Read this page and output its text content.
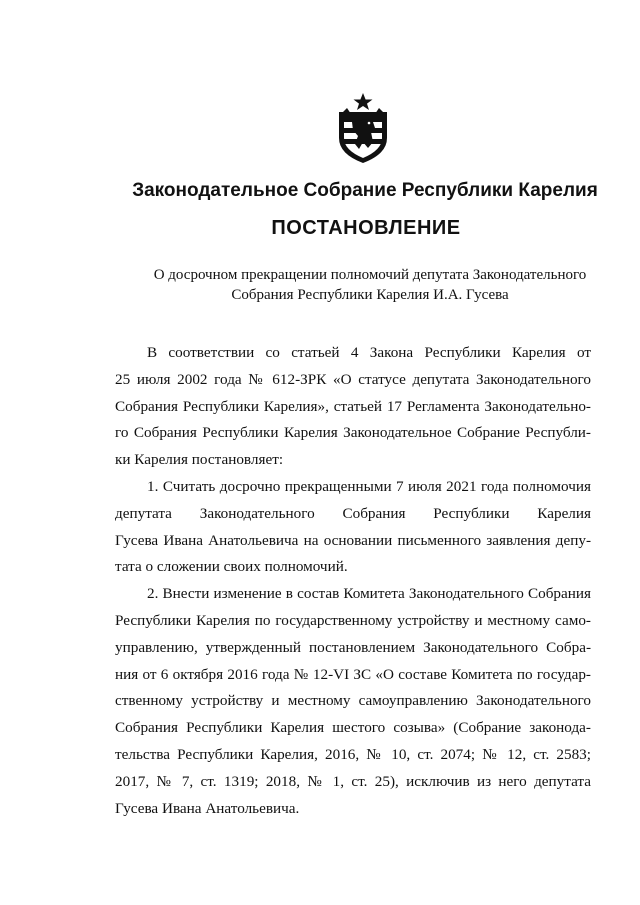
Законодательное Собрание Республики Карелия
ПОСТАНОВЛЕНИЕ
О досрочном прекращении полномочий депутата Законодательного
Собрания Республики Карелия И.А. Гусева
В соответствии со статьей 4 Закона Республики Карелия от
25 июля 2002 года № 612-ЗРК «О статусе депутата Законодательного
Собрания Республики Карелия», статьей 17 Регламента Законодательно-
го Собрания Республики Карелия Законодательное Собрание Республи-
ки Карелия постановляет:
1. Считать досрочно прекращенными 7 июля 2021 года полномочия
депутата Законодательного Собрания Республики Карелия
Гусева Ивана Анатольевича на основании письменного заявления депу-
тата о сложении своих полномочий.
2. Внести изменение в состав Комитета Законодательного Собрания
Республики Карелия по государственному устройству и местному само-
управлению, утвержденный постановлением Законодательного Собра-
ния от 6 октября 2016 года № 12-VI ЗС «О составе Комитета по государ-
ственному устройству и местному самоуправлению Законодательного
Собрания Республики Карелия шестого созыва» (Собрание законода-
тельства Республики Карелия, 2016, № 10, ст. 2074; № 12, ст. 2583;
2017, № 7, ст. 1319; 2018, № 1, ст. 25), исключив из него депутата
Гусева Ивана Анатольевича.
